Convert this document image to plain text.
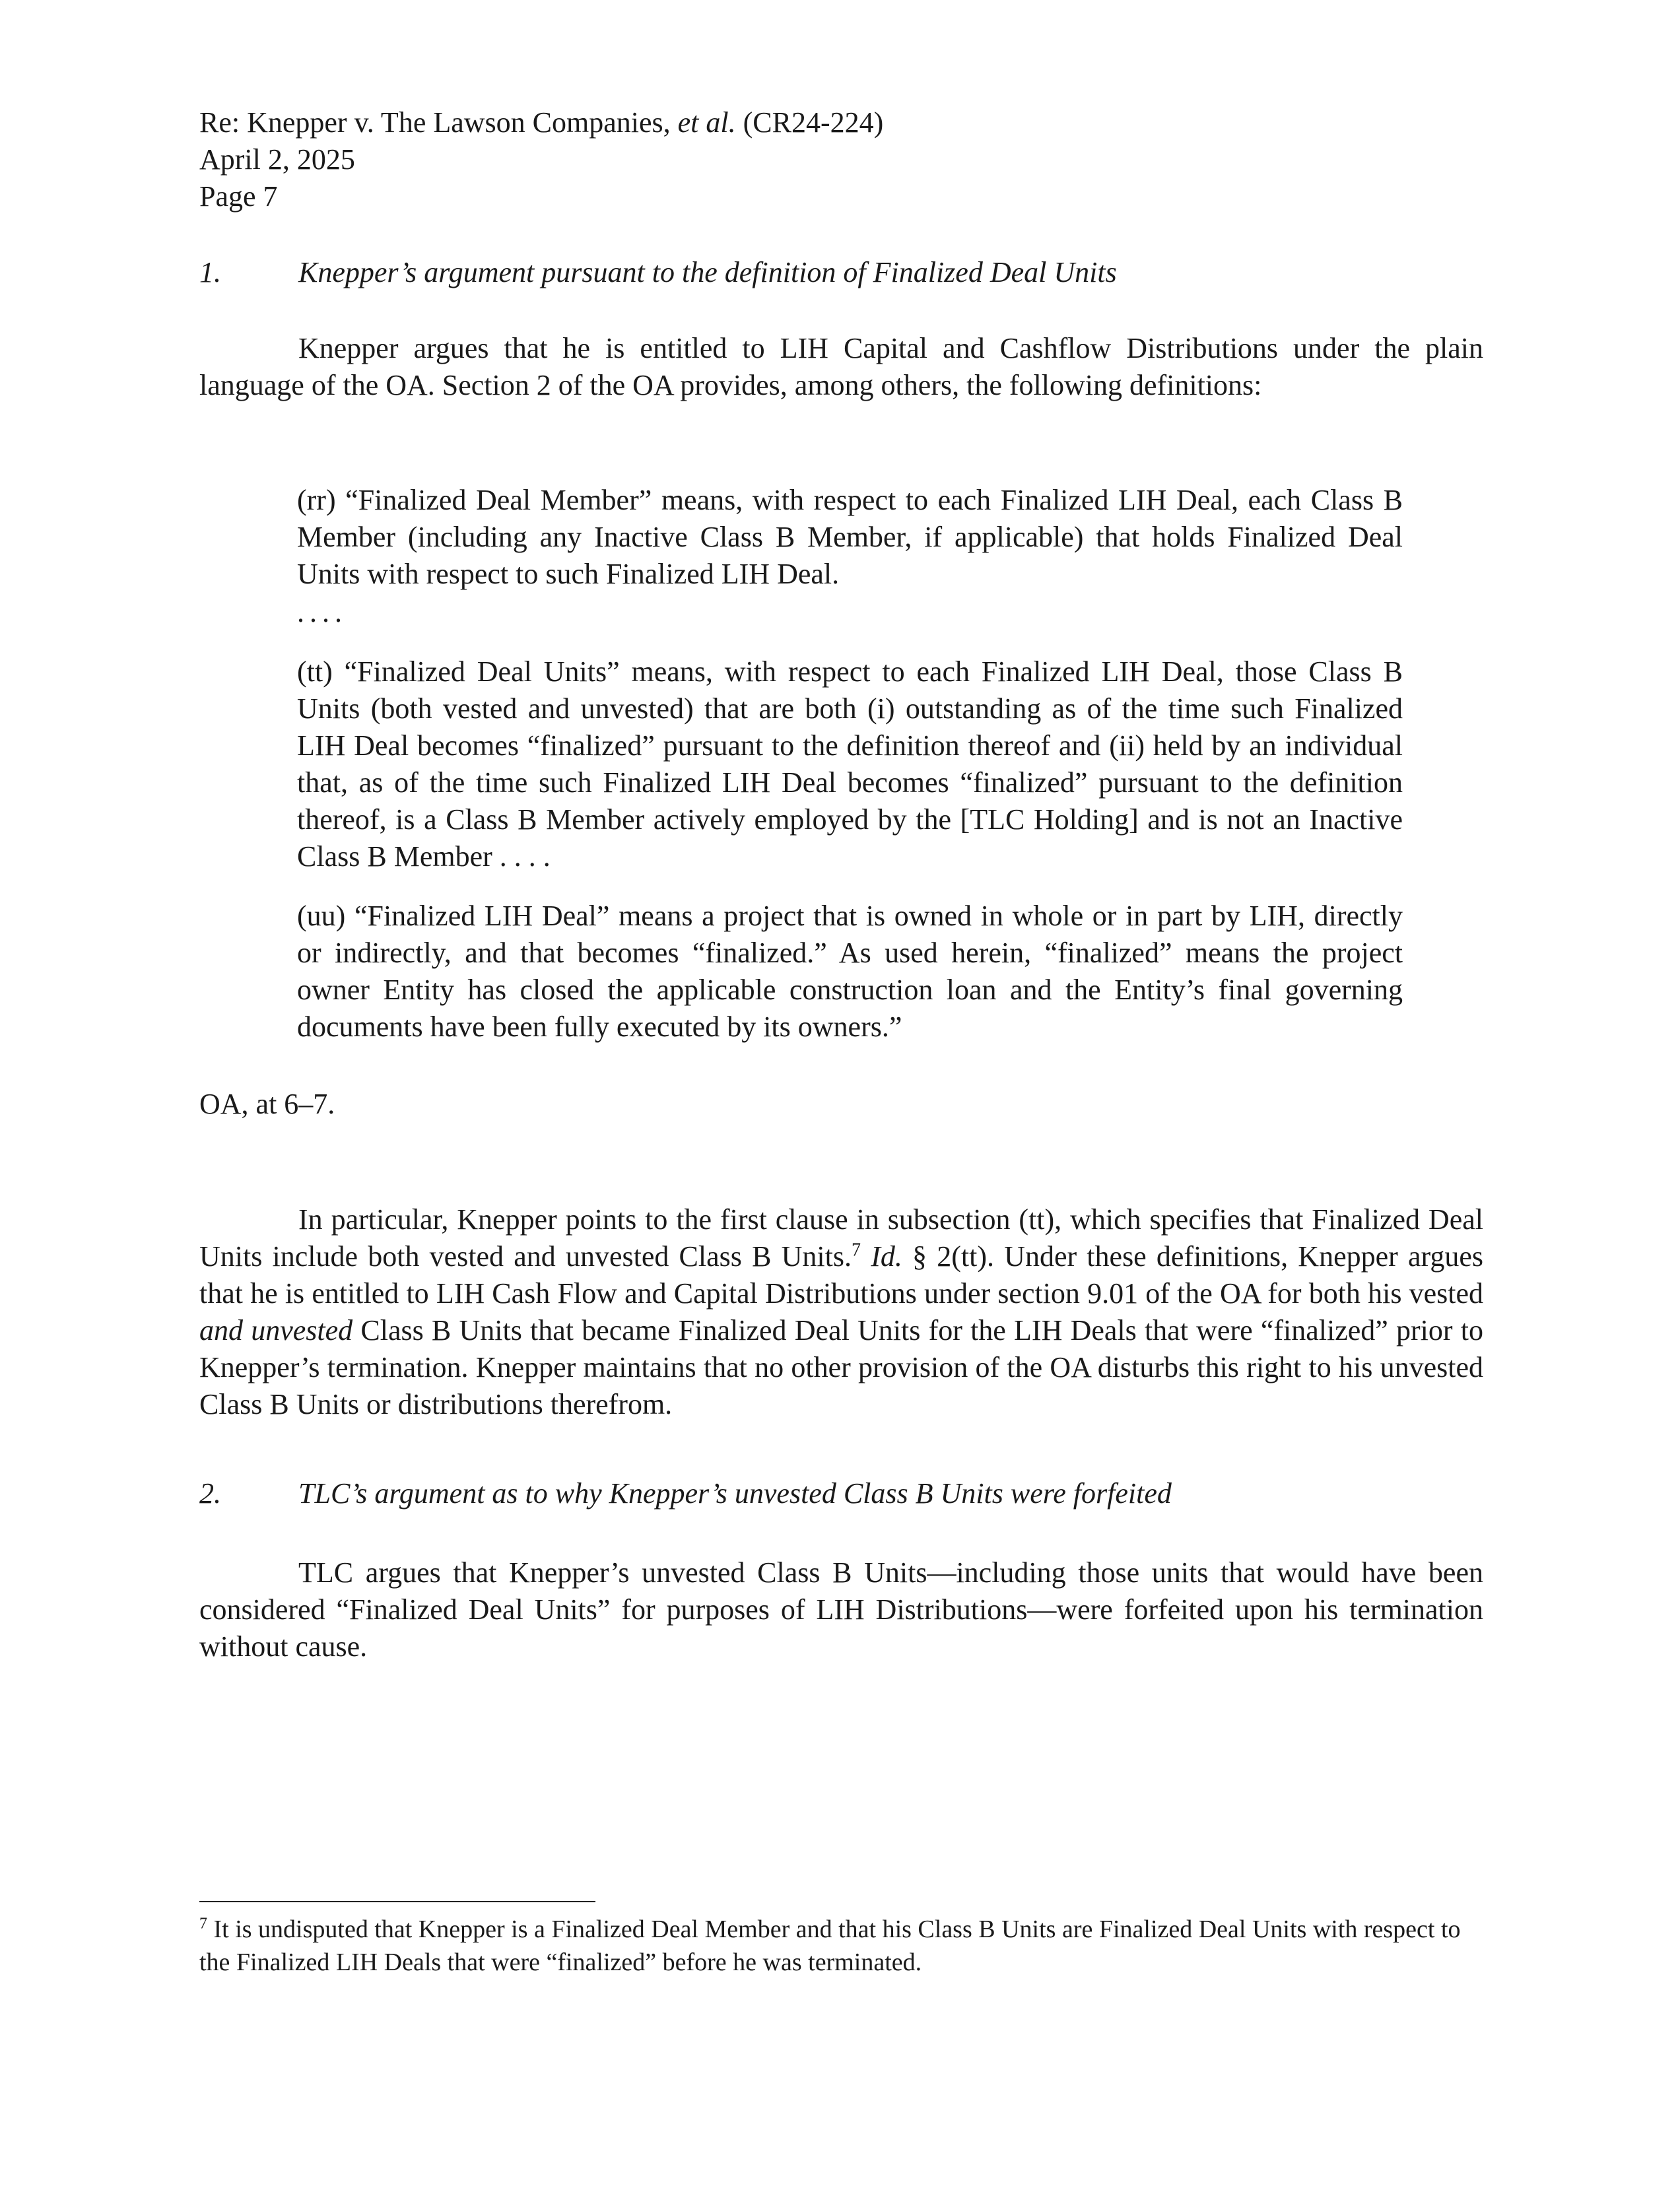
Re: Knepper v. The Lawson Companies, et al. (CR24-224)
April 2, 2025
Page 7
1.	Knepper’s argument pursuant to the definition of Finalized Deal Units
Knepper argues that he is entitled to LIH Capital and Cashflow Distributions under the plain language of the OA. Section 2 of the OA provides, among others, the following definitions:
(rr) “Finalized Deal Member” means, with respect to each Finalized LIH Deal, each Class B Member (including any Inactive Class B Member, if applicable) that holds Finalized Deal Units with respect to such Finalized LIH Deal.
....
(tt) “Finalized Deal Units” means, with respect to each Finalized LIH Deal, those Class B Units (both vested and unvested) that are both (i) outstanding as of the time such Finalized LIH Deal becomes “finalized” pursuant to the definition thereof and (ii) held by an individual that, as of the time such Finalized LIH Deal becomes “finalized” pursuant to the definition thereof, is a Class B Member actively employed by the [TLC Holding] and is not an Inactive Class B Member . . . .
(uu) “Finalized LIH Deal” means a project that is owned in whole or in part by LIH, directly or indirectly, and that becomes “finalized.” As used herein, “finalized” means the project owner Entity has closed the applicable construction loan and the Entity’s final governing documents have been fully executed by its owners.”
OA, at 6–7.
In particular, Knepper points to the first clause in subsection (tt), which specifies that Finalized Deal Units include both vested and unvested Class B Units.$^7$ Id. § 2(tt). Under these definitions, Knepper argues that he is entitled to LIH Cash Flow and Capital Distributions under section 9.01 of the OA for both his vested and unvested Class B Units that became Finalized Deal Units for the LIH Deals that were “finalized” prior to Knepper’s termination. Knepper maintains that no other provision of the OA disturbs this right to his unvested Class B Units or distributions therefrom.
2.	TLC’s argument as to why Knepper’s unvested Class B Units were forfeited
TLC argues that Knepper’s unvested Class B Units—including those units that would have been considered “Finalized Deal Units” for purposes of LIH Distributions—were forfeited upon his termination without cause.
$^7$ It is undisputed that Knepper is a Finalized Deal Member and that his Class B Units are Finalized Deal Units with respect to the Finalized LIH Deals that were “finalized” before he was terminated.
